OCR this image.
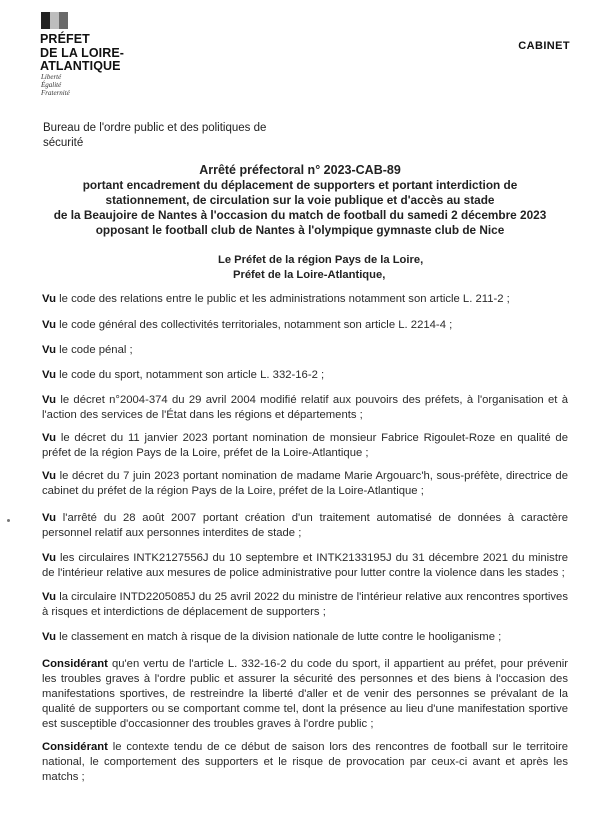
PRÉFET
DE LA LOIRE-
ATLANTIQUE
Liberté
Égalité
Fraternité
CABINET
Bureau de l'ordre public et des politiques de sécurité
Arrêté préfectoral n° 2023-CAB-89
portant encadrement du déplacement de supporters et portant interdiction de
stationnement, de circulation sur la voie publique et d'accès au stade
de la Beaujoire de Nantes à l'occasion du match de football du samedi 2 décembre 2023
opposant le football club de Nantes à l'olympique gymnaste club de Nice
Le Préfet de la région Pays de la Loire,
Préfet de la Loire-Atlantique,
Vu le code des relations entre le public et les administrations notamment son article L. 211-2 ;
Vu le code général des collectivités territoriales, notamment son article L. 2214-4 ;
Vu le code pénal ;
Vu le code du sport, notamment son article L. 332-16-2 ;
Vu le décret n°2004-374 du 29 avril 2004 modifié relatif aux pouvoirs des préfets, à l'organisation et à l'action des services de l'État dans les régions et départements ;
Vu le décret du 11 janvier 2023 portant nomination de monsieur Fabrice Rigoulet-Roze en qualité de préfet de la région Pays de la Loire, préfet de la Loire-Atlantique ;
Vu le décret du 7 juin 2023 portant nomination de madame Marie Argouarc'h, sous-préfète, directrice de cabinet du préfet de la région Pays de la Loire, préfet de la Loire-Atlantique ;
Vu l'arrêté du 28 août 2007 portant création d'un traitement automatisé de données à caractère personnel relatif aux personnes interdites de stade ;
Vu les circulaires INTK2127556J du 10 septembre et INTK2133195J du 31 décembre 2021 du ministre de l'intérieur relative aux mesures de police administrative pour lutter contre la violence dans les stades ;
Vu la circulaire INTD2205085J du 25 avril 2022 du ministre de l'intérieur relative aux rencontres sportives à risques et interdictions de déplacement de supporters ;
Vu le classement en match à risque de la division nationale de lutte contre le hooliganisme ;
Considérant qu'en vertu de l'article L. 332-16-2 du code du sport, il appartient au préfet, pour prévenir les troubles graves à l'ordre public et assurer la sécurité des personnes et des biens à l'occasion des manifestations sportives, de restreindre la liberté d'aller et de venir des personnes se prévalant de la qualité de supporters ou se comportant comme tel, dont la présence au lieu d'une manifestation sportive est susceptible d'occasionner des troubles graves à l'ordre public ;
Considérant le contexte tendu de ce début de saison lors des rencontres de football sur le territoire national, le comportement des supporters et le risque de provocation par ceux-ci avant et après les matchs ;
